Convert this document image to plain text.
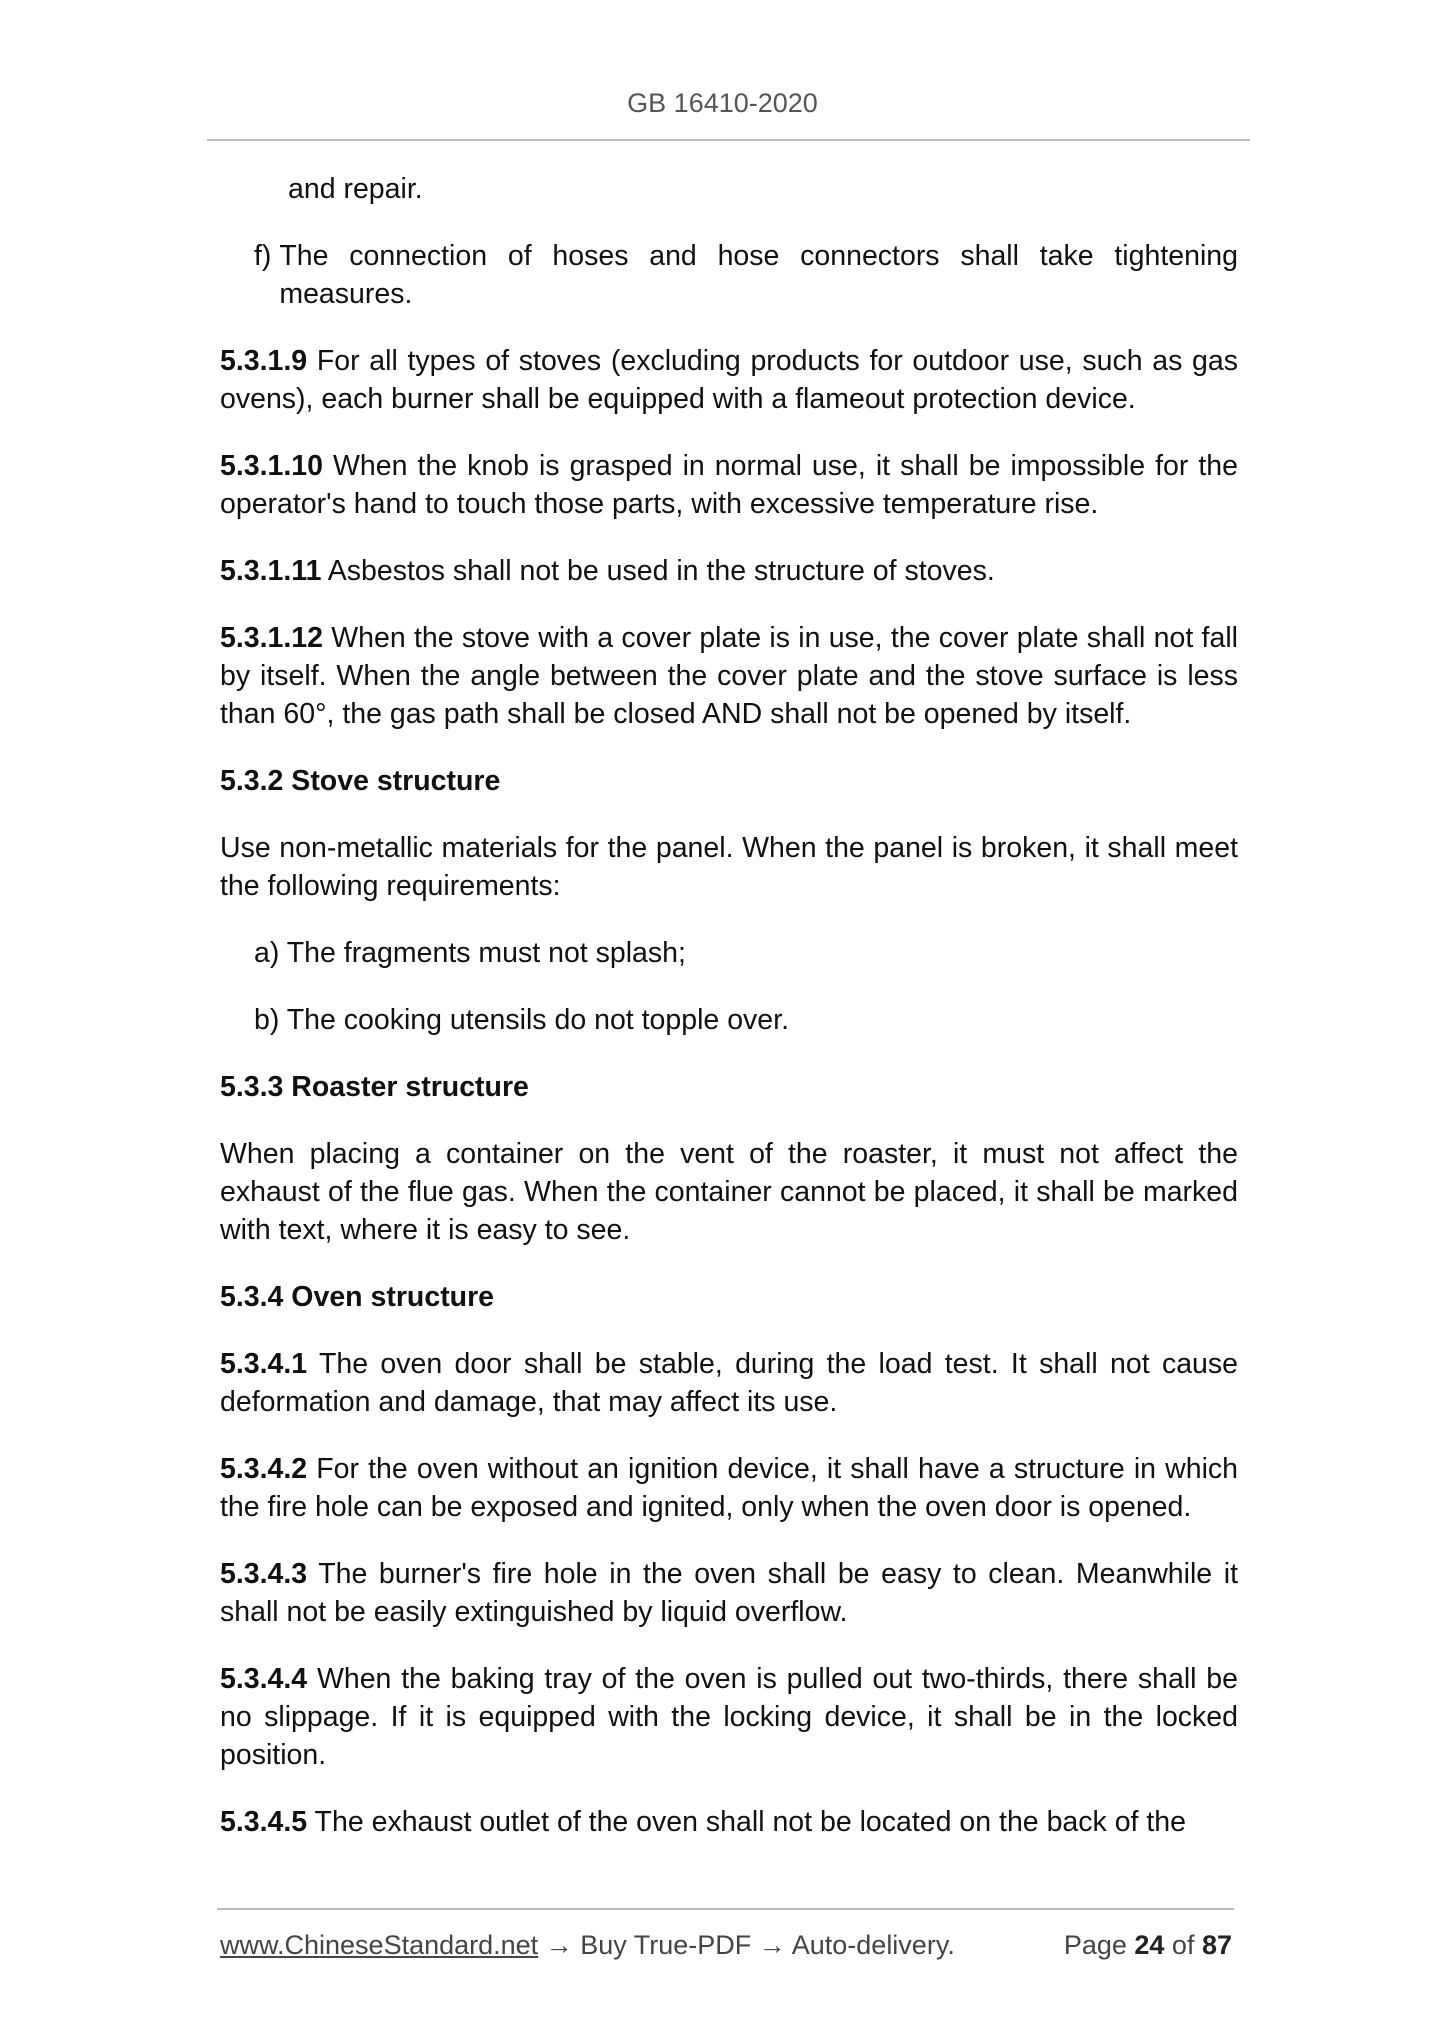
GB 16410-2020

and repair.

f) The connection of hoses and hose connectors shall take tightening measures.

5.3.1.9 For all types of stoves (excluding products for outdoor use, such as gas ovens), each burner shall be equipped with a flameout protection device.

5.3.1.10 When the knob is grasped in normal use, it shall be impossible for the operator's hand to touch those parts, with excessive temperature rise.

5.3.1.11 Asbestos shall not be used in the structure of stoves.

5.3.1.12 When the stove with a cover plate is in use, the cover plate shall not fall by itself. When the angle between the cover plate and the stove surface is less than 60°, the gas path shall be closed AND shall not be opened by itself.

5.3.2 Stove structure

Use non-metallic materials for the panel. When the panel is broken, it shall meet the following requirements:

a) The fragments must not splash;

b) The cooking utensils do not topple over.

5.3.3 Roaster structure

When placing a container on the vent of the roaster, it must not affect the exhaust of the flue gas. When the container cannot be placed, it shall be marked with text, where it is easy to see.

5.3.4 Oven structure

5.3.4.1 The oven door shall be stable, during the load test. It shall not cause deformation and damage, that may affect its use.

5.3.4.2 For the oven without an ignition device, it shall have a structure in which the fire hole can be exposed and ignited, only when the oven door is opened.

5.3.4.3 The burner's fire hole in the oven shall be easy to clean. Meanwhile it shall not be easily extinguished by liquid overflow.

5.3.4.4 When the baking tray of the oven is pulled out two-thirds, there shall be no slippage. If it is equipped with the locking device, it shall be in the locked position.

5.3.4.5 The exhaust outlet of the oven shall not be located on the back of the

www.ChineseStandard.net → Buy True-PDF → Auto-delivery.	Page 24 of 87
